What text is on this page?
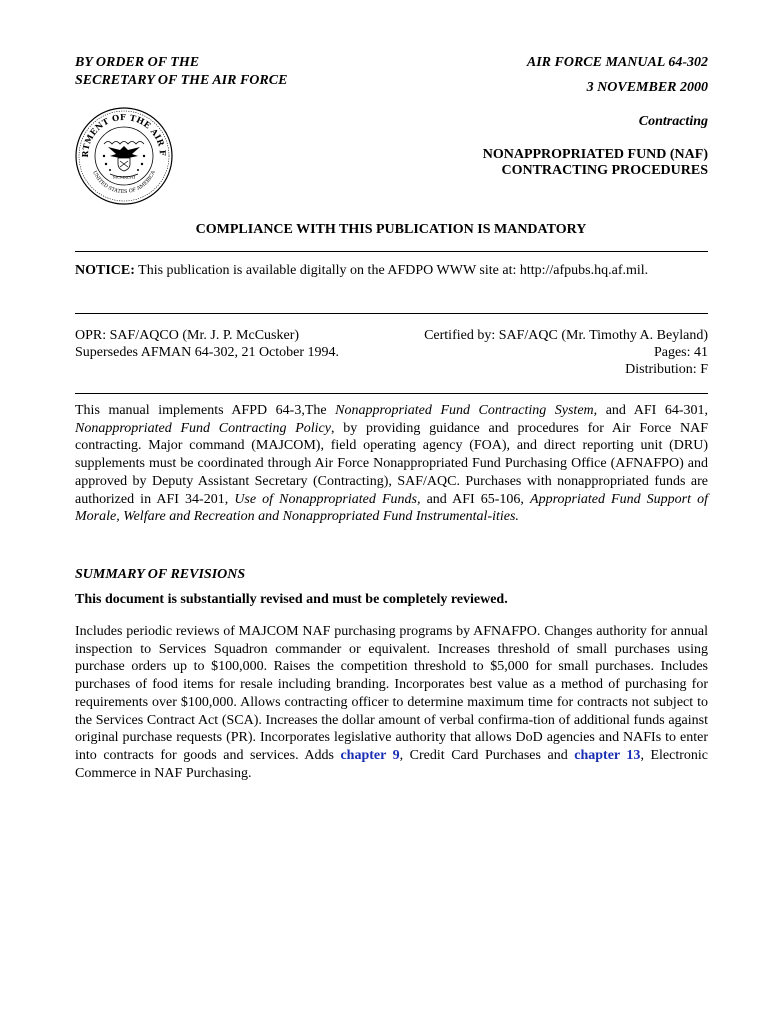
BY ORDER OF THE
SECRETARY OF THE AIR FORCE
AIR FORCE MANUAL 64-302
3 NOVEMBER 2000
Contracting
NONAPPROPRIATED FUND (NAF)
CONTRACTING PROCEDURES
RTMENT OF THE AIR F
UNITED STATES OF AMERICA
MCMXLVII
COMPLIANCE WITH THIS PUBLICATION IS MANDATORY
NOTICE: This publication is available digitally on the AFDPO WWW site at: http://afpubs.hq.af.mil.
OPR: SAF/AQCO (Mr. J. P. McCusker)
Supersedes AFMAN 64-302, 21 October 1994.
Certified by: SAF/AQC (Mr. Timothy A. Beyland)
Pages: 41
Distribution: F
This manual implements AFPD 64-3,The Nonappropriated Fund Contracting System, and AFI 64-301, Nonappropriated Fund Contracting Policy, by providing guidance and procedures for Air Force NAF contracting. Major command (MAJCOM), field operating agency (FOA), and direct reporting unit (DRU) supplements must be coordinated through Air Force Nonappropriated Fund Purchasing Office (AFNAFPO) and approved by Deputy Assistant Secretary (Contracting), SAF/AQC. Purchases with nonappropriated funds are authorized in AFI 34-201, Use of Nonappropriated Funds, and AFI 65-106, Appropriated Fund Support of Morale, Welfare and Recreation and Nonappropriated Fund Instrumental-ities.
SUMMARY OF REVISIONS
This document is substantially revised and must be completely reviewed.
Includes periodic reviews of MAJCOM NAF purchasing programs by AFNAFPO. Changes authority for annual inspection to Services Squadron commander or equivalent. Increases threshold of small purchases using purchase orders up to $100,000. Raises the competition threshold to $5,000 for small purchases. Includes purchases of food items for resale including branding. Incorporates best value as a method of purchasing for requirements over $100,000. Allows contracting officer to determine maximum time for contracts not subject to the Services Contract Act (SCA). Increases the dollar amount of verbal confirma-tion of additional funds against original purchase requests (PR). Incorporates legislative authority that allows DoD agencies and NAFIs to enter into contracts for goods and services. Adds chapter 9, Credit Card Purchases and chapter 13, Electronic Commerce in NAF Purchasing.
